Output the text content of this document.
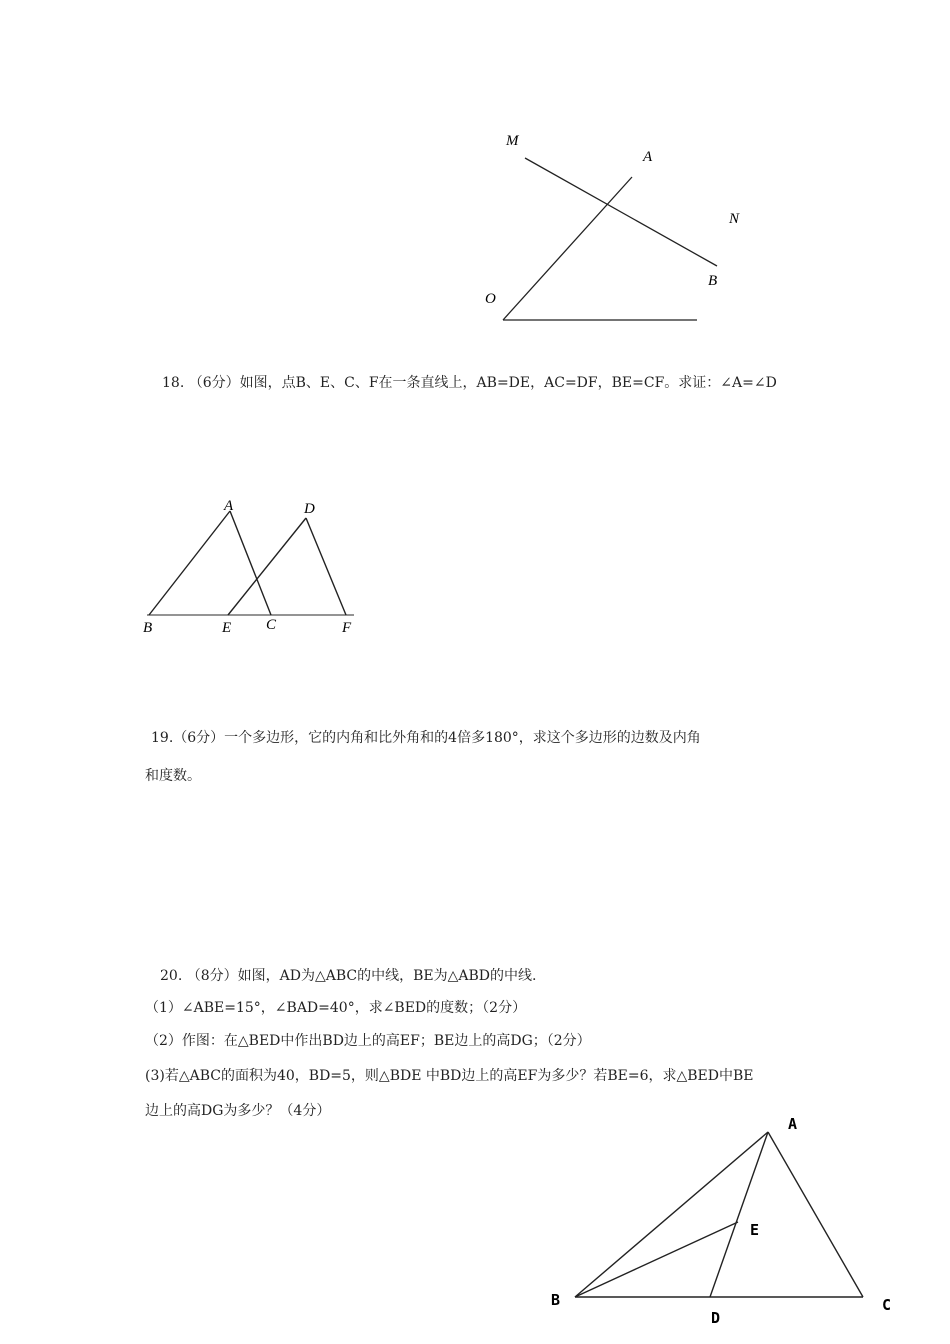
M
A
N
B
O
18. （6分）如图，点B、E、C、F在一条直线上，AB=DE，AC=DF，BE=CF。求证：∠A=∠D
A	D
B	E C	F
19.（6分）一个多边形，它的内角和比外角和的4倍多180°，求这个多边形的边数及内角
和度数。
20. （8分）如图，AD为△ABC的中线，BE为△ABD的中线.
（1）∠ABE=15°，∠BAD=40°，求∠BED的度数；（2分）
（2）作图：在△BED中作出BD边上的高EF；BE边上的高DG；（2分）
(3)若△ABC的面积为40，BD=5，则△BDE 中BD边上的高EF为多少？若BE=6，求△BED中BE
边上的高DG为多少？（4分）
A
E
B
D
C
